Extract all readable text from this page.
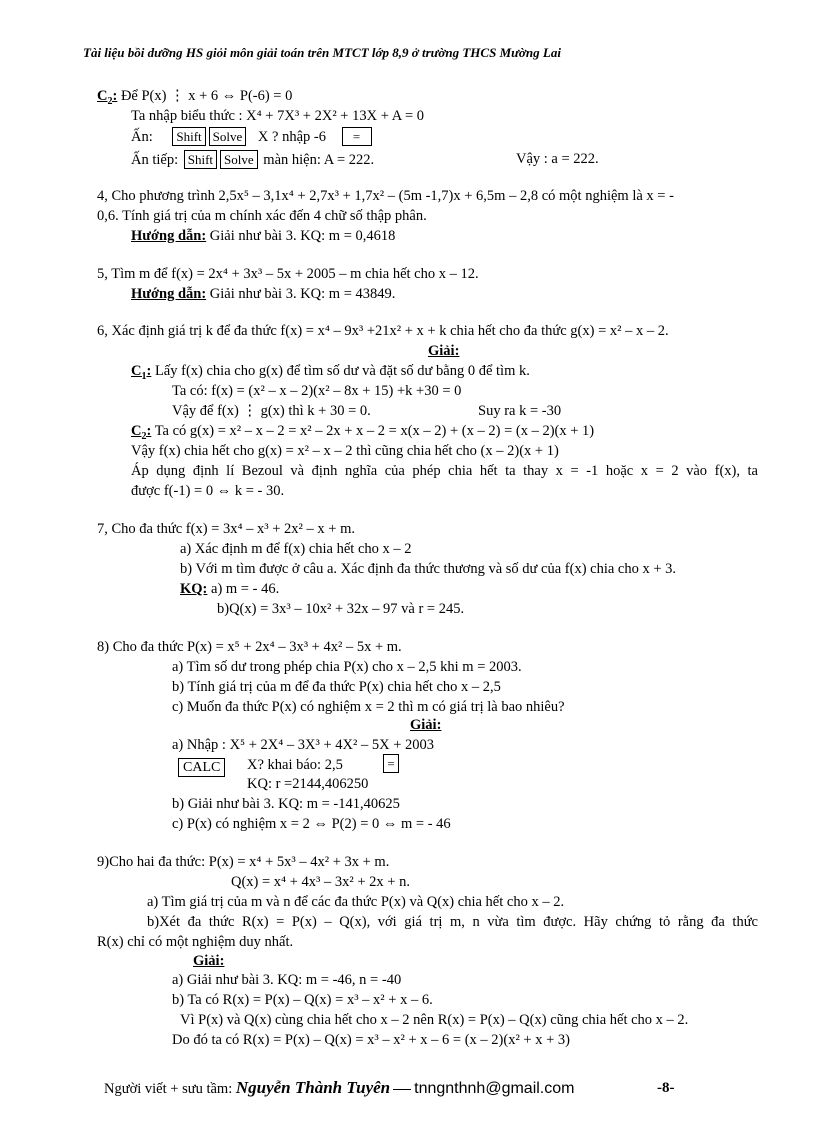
Tài liệu bồi dưỡng HS giỏi môn giải toán trên MTCT lớp 8,9 ở trường THCS Mường Lai
$C_2$: Để P(x) ⋮ x + 6 ⇔ P(-6) = 0
Ta nhập biểu thức : X⁴ + 7X³ + 2X² + 13X + A = 0
Ấn: Shift Solve X ? nhập -6 =
Ấn tiếp: Shift Solve màn hiện: A = 222.	Vậy : a = 222.
4, Cho phương trình 2,5x⁵ – 3,1x⁴ + 2,7x³ + 1,7x² – (5m -1,7)x + 6,5m – 2,8 có một nghiệm là x = -
0,6. Tính giá trị của m chính xác đến 4 chữ số thập phân.
Hướng dẫn: Giải như bài 3. KQ: m = 0,4618
5, Tìm m để f(x) = 2x⁴ + 3x³ – 5x + 2005 – m chia hết cho x – 12.
Hướng dẫn: Giải như bài 3. KQ: m = 43849.
6, Xác định giá trị k để đa thức f(x) = x⁴ – 9x³ +21x² + x + k chia hết cho đa thức g(x) = x² – x – 2.
Giải:
$C_1$: Lấy f(x) chia cho g(x) để tìm số dư và đặt số dư bằng 0 để tìm k.
Ta có: f(x) = (x² – x – 2)(x² – 8x + 15) +k +30 = 0
Vậy để f(x) ⋮ g(x) thì k + 30 = 0.	Suy ra k = -30
$C_2$: Ta có g(x) = x² – x – 2 = x² – 2x + x – 2 = x(x – 2) + (x – 2) = (x – 2)(x + 1)
Vậy f(x) chia hết cho g(x) = x² – x – 2 thì cũng chia hết cho (x – 2)(x + 1)
Áp dụng định lí Bezoul và định nghĩa của phép chia hết ta thay x = -1 hoặc x = 2 vào f(x), ta
được f(-1) = 0 ⇔ k = - 30.
7, Cho đa thức f(x) = 3x⁴ – x³ + 2x² – x + m.
a) Xác định m để f(x) chia hết cho x – 2
b) Với m tìm được ở câu a. Xác định đa thức thương và số dư của f(x) chia cho x + 3.
KQ: a) m = - 46.
b)Q(x) = 3x³ – 10x² + 32x – 97 và r = 245.
8) Cho đa thức P(x) = x⁵ + 2x⁴ – 3x³ + 4x² – 5x + m.
a) Tìm số dư trong phép chia P(x) cho x – 2,5 khi m = 2003.
b) Tính giá trị của m để đa thức P(x) chia hết cho x – 2,5
c) Muốn đa thức P(x) có nghiệm x = 2 thì m có giá trị là bao nhiêu?
Giải:
a) Nhập : X⁵ + 2X⁴ – 3X³ + 4X² – 5X + 2003
CALC	X? khai báo: 2,5	=
KQ: r =2144,406250
b) Giải như bài 3. KQ: m = -141,40625
c) P(x) có nghiệm x = 2 ⇔ P(2) = 0 ⇔ m = - 46
9)Cho hai đa thức: P(x) = x⁴ + 5x³ – 4x² + 3x + m.
Q(x) = x⁴ + 4x³ – 3x² + 2x + n.
a) Tìm giá trị của m và n để các đa thức P(x) và Q(x) chia hết cho x – 2.
b)Xét đa thức R(x) = P(x) – Q(x), với giá trị m, n vừa tìm được. Hãy chứng tỏ rằng đa thức
R(x) chỉ có một nghiệm duy nhất.
Giải:
a) Giải như bài 3. KQ: m = -46, n = -40
b) Ta có R(x) = P(x) – Q(x) = x³ – x² + x – 6.
Vì P(x) và Q(x) cùng chia hết cho x – 2 nên R(x) = P(x) – Q(x) cũng chia hết cho x – 2.
Do đó ta có R(x) = P(x) – Q(x) = x³ – x² + x – 6 = (x – 2)(x² + x + 3)
Người viết + sưu tầm: Nguyễn Thành Tuyên tnngnthnh@gmail.com	-8-
